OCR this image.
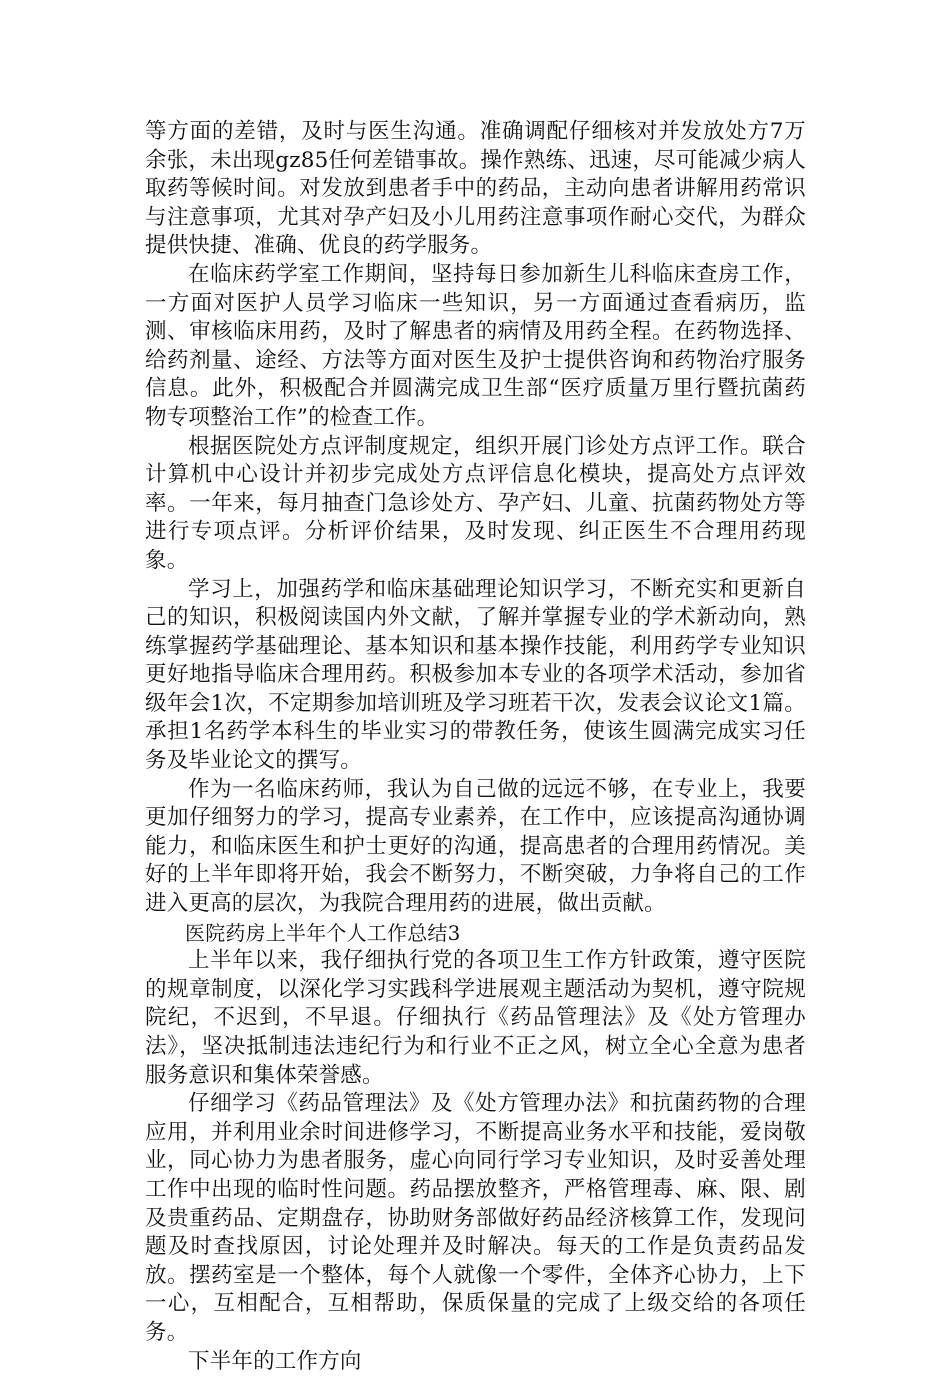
等方面的差错，及时与医生沟通。准确调配仔细核对并发放处方7万余张，未出现gz85任何差错事故。操作熟练、迅速，尽可能减少病人取药等候时间。对发放到患者手中的药品，主动向患者讲解用药常识与注意事项，尤其对孕产妇及小儿用药注意事项作耐心交代，为群众提供快捷、准确、优良的药学服务。

在临床药学室工作期间，坚持每日参加新生儿科临床查房工作，一方面对医护人员学习临床一些知识，另一方面通过查看病历，监测、审核临床用药，及时了解患者的病情及用药全程。在药物选择、给药剂量、途经、方法等方面对医生及护士提供咨询和药物治疗服务信息。此外，积极配合并圆满完成卫生部“医疗质量万里行暨抗菌药物专项整治工作”的检查工作。

根据医院处方点评制度规定，组织开展门诊处方点评工作。联合计算机中心设计并初步完成处方点评信息化模块，提高处方点评效率。一年来，每月抽查门急诊处方、孕产妇、儿童、抗菌药物处方等进行专项点评。分析评价结果，及时发现、纠正医生不合理用药现象。

学习上，加强药学和临床基础理论知识学习，不断充实和更新自己的知识，积极阅读国内外文献，了解并掌握专业的学术新动向，熟练掌握药学基础理论、基本知识和基本操作技能，利用药学专业知识更好地指导临床合理用药。积极参加本专业的各项学术活动，参加省级年会1次，不定期参加培训班及学习班若干次，发表会议论文1篇。承担1名药学本科生的毕业实习的带教任务，使该生圆满完成实习任务及毕业论文的撰写。

作为一名临床药师，我认为自己做的远远不够，在专业上，我要更加仔细努力的学习，提高专业素养，在工作中，应该提高沟通协调能力，和临床医生和护士更好的沟通，提高患者的合理用药情况。美好的上半年即将开始，我会不断努力，不断突破，力争将自己的工作进入更高的层次，为我院合理用药的进展，做出贡献。

医院药房上半年个人工作总结3

上半年以来，我仔细执行党的各项卫生工作方针政策，遵守医院的规章制度，以深化学习实践科学进展观主题活动为契机，遵守院规院纪，不迟到，不早退。仔细执行《药品管理法》及《处方管理办法》，坚决抵制违法违纪行为和行业不正之风，树立全心全意为患者服务意识和集体荣誉感。

仔细学习《药品管理法》及《处方管理办法》和抗菌药物的合理应用，并利用业余时间进修学习，不断提高业务水平和技能，爱岗敬业，同心协力为患者服务，虚心向同行学习专业知识，及时妥善处理工作中出现的临时性问题。药品摆放整齐，严格管理毒、麻、限、剧及贵重药品、定期盘存，协助财务部做好药品经济核算工作，发现问题及时查找原因，讨论处理并及时解决。每天的工作是负责药品发放。摆药室是一个整体，每个人就像一个零件，全体齐心协力，上下一心，互相配合，互相帮助，保质保量的完成了上级交给的各项任务。

下半年的工作方向
